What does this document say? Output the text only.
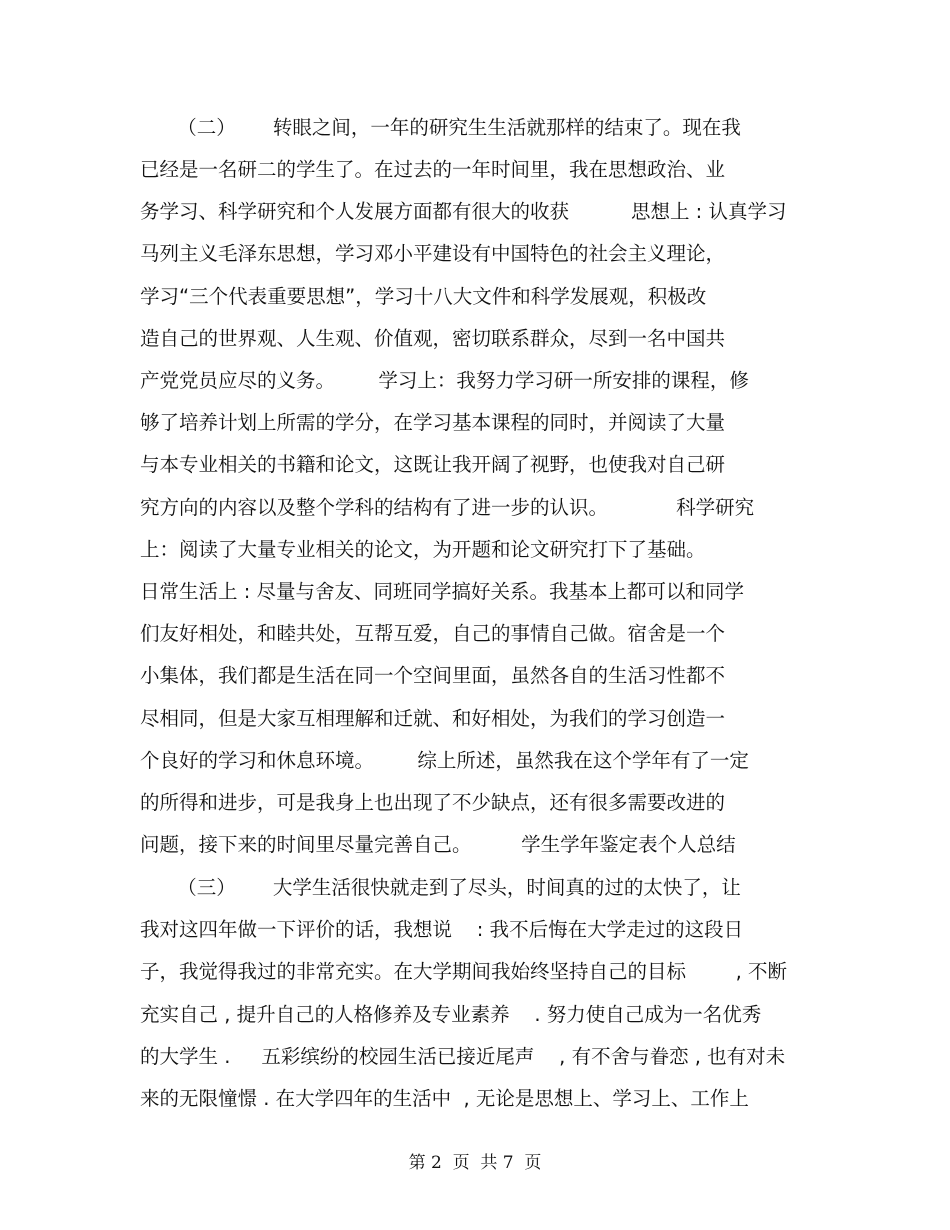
（二）      转眼之间，一年的研究生生活就那样的结束了。现在我
已经是一名研二的学生了。在过去的一年时间里，我在思想政治、业
务学习、科学研究和个人发展方面都有很大的收获          思想上 : 认真学习
马列主义毛泽东思想，学习邓小平建设有中国特色的社会主义理论，
学习“三个代表重要思想”，学习十八大文件和科学发展观，积极改
造自己的世界观、人生观、价值观，密切联系群众，尽到一名中国共
产党党员应尽的义务。       学习上：我努力学习研一所安排的课程，修
够了培养计划上所需的学分，在学习基本课程的同时，并阅读了大量
与本专业相关的书籍和论文，这既让我开阔了视野，也使我对自己研
究方向的内容以及整个学科的结构有了进一步的认识。           科学研究
上：阅读了大量专业相关的论文，为开题和论文研究打下了基础。
日常生活上 : 尽量与舍友、同班同学搞好关系。我基本上都可以和同学
们友好相处，和睦共处，互帮互爱，自己的事情自己做。宿舍是一个
小集体，我们都是生活在同一个空间里面，虽然各自的生活习性都不
尽相同，但是大家互相理解和迁就、和好相处，为我们的学习创造一
个良好的学习和休息环境。       综上所述，虽然我在这个学年有了一定
的所得和进步，可是我身上也出现了不少缺点，还有很多需要改进的
问题，接下来的时间里尽量完善自己。        学生学年鉴定表个人总结
（三）      大学生活很快就走到了尽头，时间真的过的太快了，让
我对这四年做一下评价的话，我想说    : 我不后悔在大学走过的这段日
子，我觉得我过的非常充实。在大学期间我始终坚持自己的目标        , 不断
充实自己 , 提升自己的人格修养及专业素养    . 努力使自己成为一名优秀
的大学生 .     五彩缤纷的校园生活已接近尾声    , 有不舍与眷恋 , 也有对未
来的无限憧憬 . 在大学四年的生活中  , 无论是思想上、学习上、工作上
第 2  页  共 7  页
